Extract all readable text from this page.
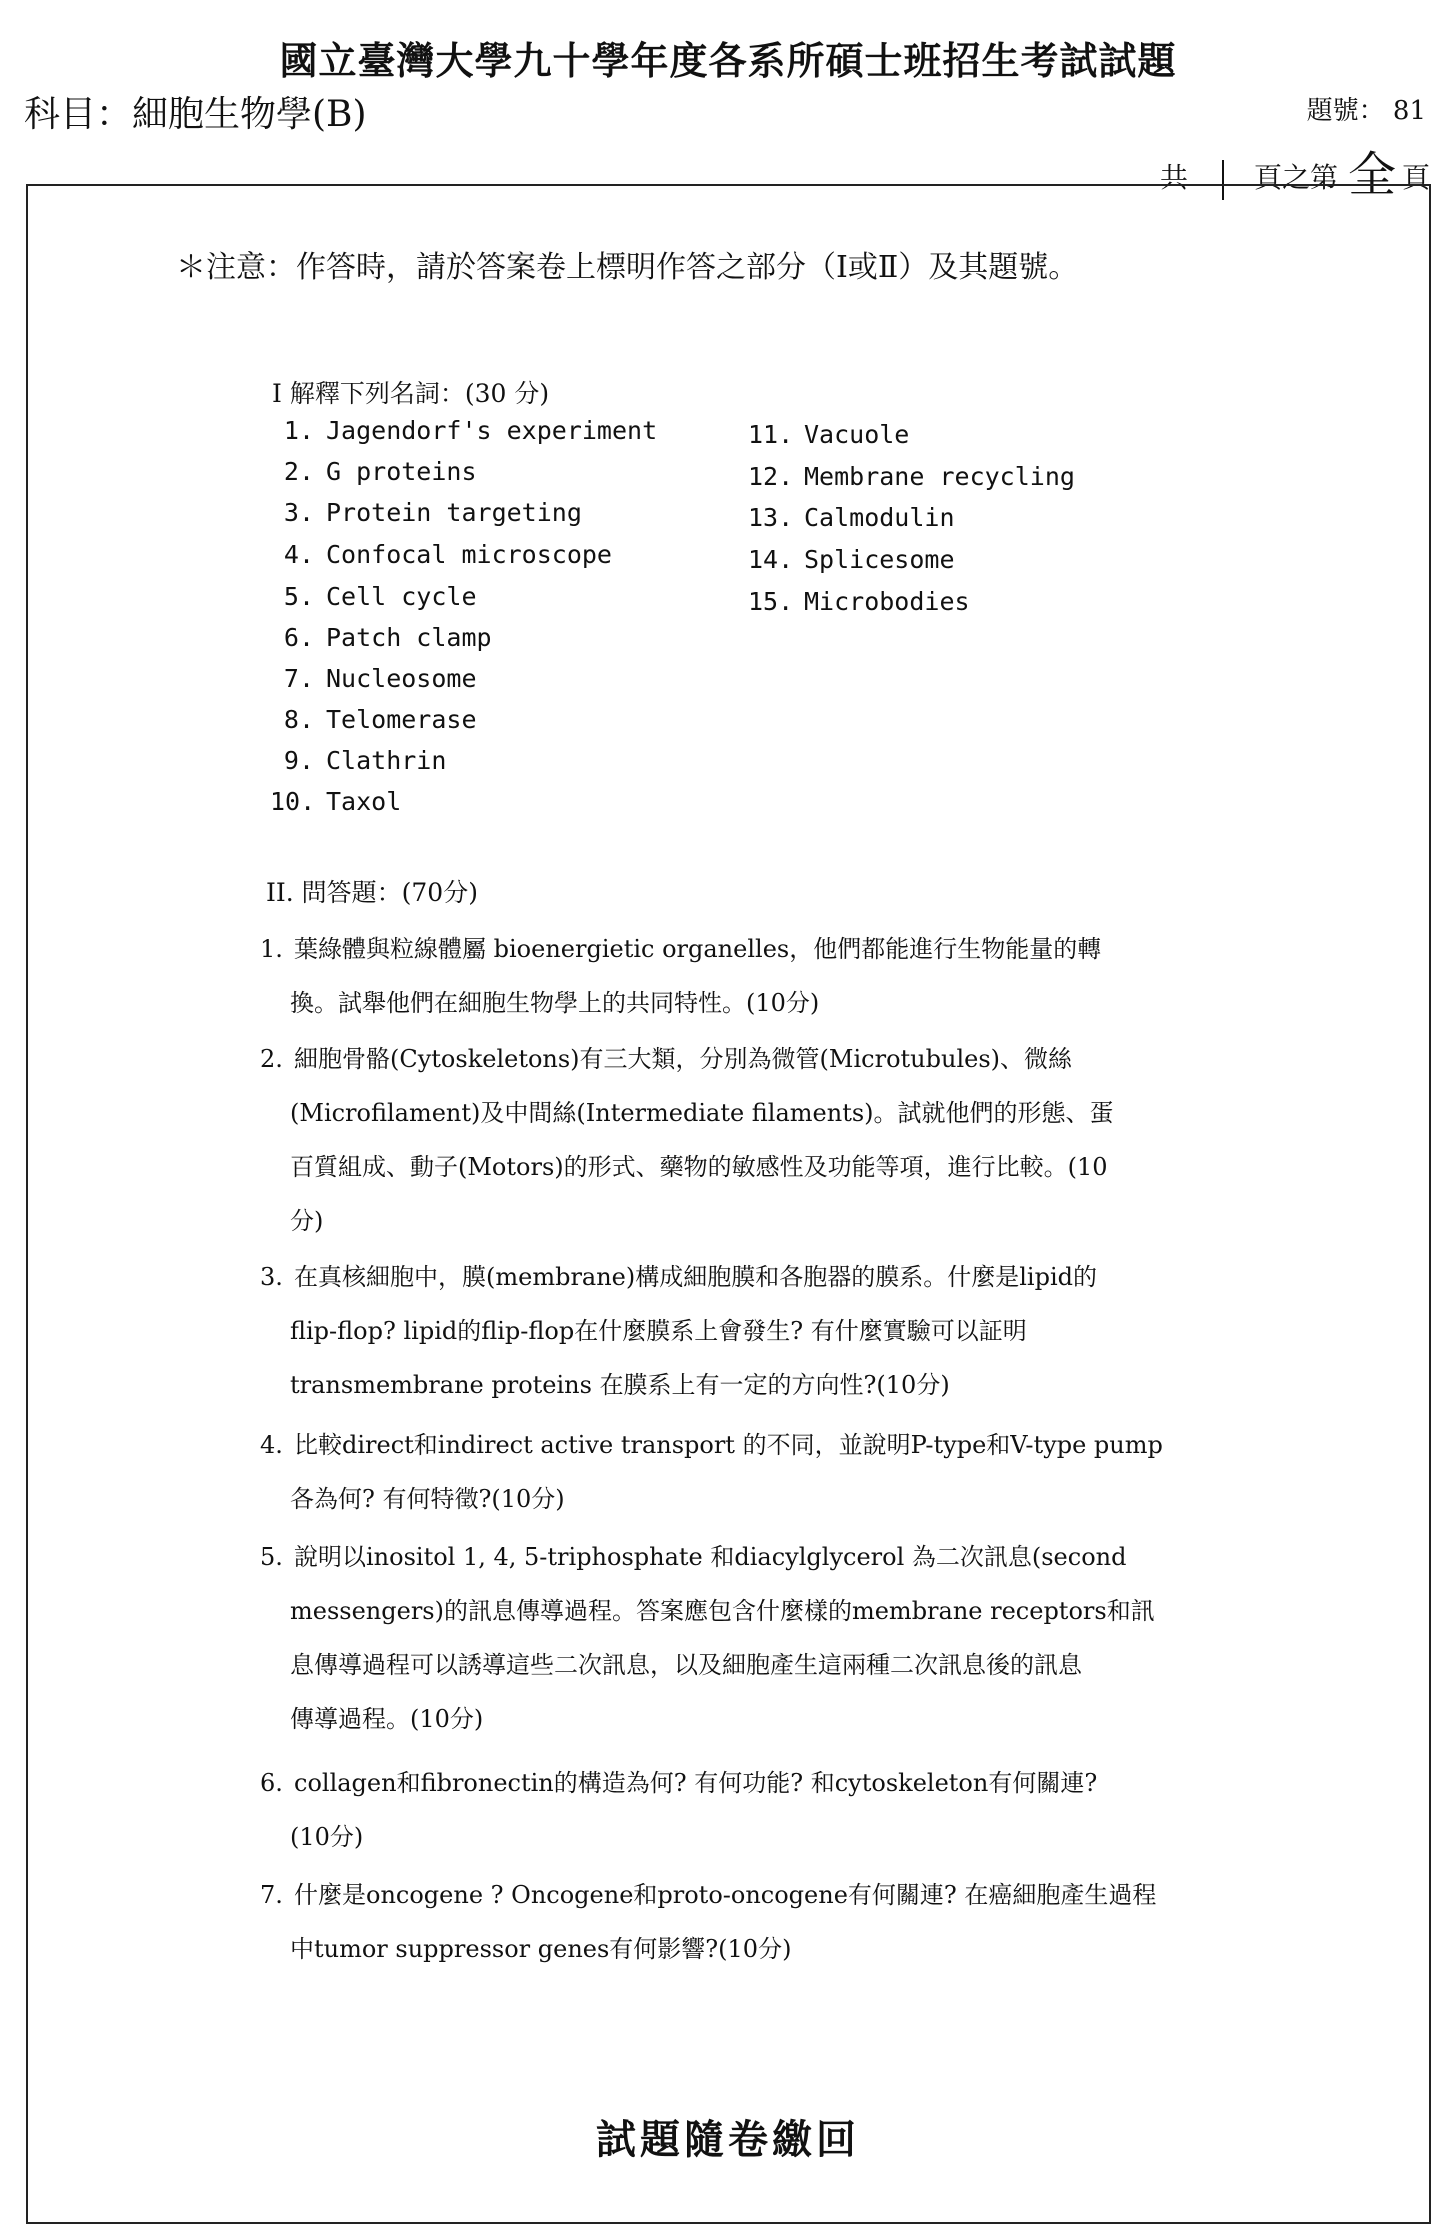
國立臺灣大學九十學年度各系所碩士班招生考試試題
科目：細胞生物學(B)	題號： 81
共 頁之第 全 頁
＊注意：作答時，請於答案卷上標明作答之部分（Ⅰ或Ⅱ）及其題號。
I 解釋下列名詞：(30 分)
1. Jagendorf's experiment
2. G proteins
3. Protein targeting
4. Confocal microscope
5. Cell cycle
6. Patch clamp
7. Nucleosome
8. Telomerase
9. Clathrin
10. Taxol
11. Vacuole
12. Membrane recycling
13. Calmodulin
14. Splicesome
15. Microbodies
II. 問答題：(70分)
1. 葉綠體與粒線體屬 bioenergietic organelles，他們都能進行生物能量的轉
換。試舉他們在細胞生物學上的共同特性。(10分)
2. 細胞骨骼(Cytoskeletons)有三大類，分別為微管(Microtubules)、微絲
(Microfilament)及中間絲(Intermediate filaments)。試就他們的形態、蛋
百質組成、動子(Motors)的形式、藥物的敏感性及功能等項，進行比較。(10
分)
3. 在真核細胞中，膜(membrane)構成細胞膜和各胞器的膜系。什麼是lipid的
flip-flop? lipid的flip-flop在什麼膜系上會發生? 有什麼實驗可以証明
transmembrane proteins 在膜系上有一定的方向性?(10分)
4. 比較direct和indirect active transport 的不同，並說明P-type和V-type pump
各為何? 有何特徵?(10分)
5. 說明以inositol 1, 4, 5-triphosphate 和diacylglycerol 為二次訊息(second
messengers)的訊息傳導過程。答案應包含什麼樣的membrane receptors和訊
息傳導過程可以誘導這些二次訊息，以及細胞產生這兩種二次訊息後的訊息
傳導過程。(10分)
6. collagen和fibronectin的構造為何? 有何功能? 和cytoskeleton有何關連?
(10分)
7. 什麼是oncogene ? Oncogene和proto-oncogene有何關連? 在癌細胞產生過程
中tumor suppressor genes有何影響?(10分)
試題隨卷繳回
